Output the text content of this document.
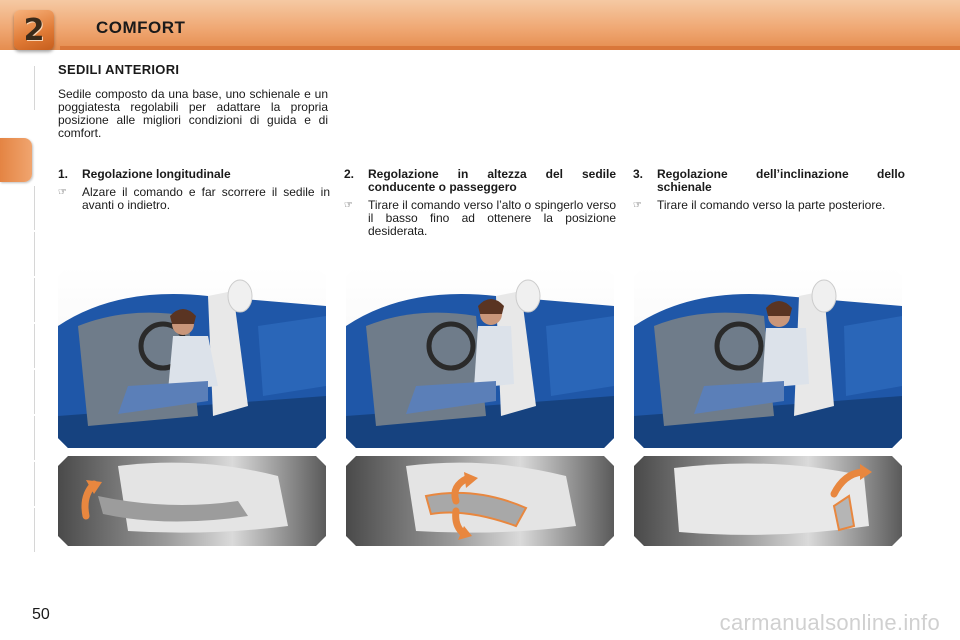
2	COMFORT
SEDILI ANTERIORI
Sedile composto da una base, uno schienale e un poggiatesta regolabili per adattare la propria posizione alle migliori condizioni di guida e di comfort.
1.	Regolazione longitudinale
☞	Alzare il comando e far scorrere il sedile in avanti o indietro.
2.	Regolazione in altezza del sedile conducente o passeggero
☞	Tirare il comando verso l’alto o spingerlo verso il basso fino ad ottenere la posizione desiderata.
3.	Regolazione dell’inclinazione dello schienale
☞	Tirare il comando verso la parte posteriore.
50	carmanualsonline.info
